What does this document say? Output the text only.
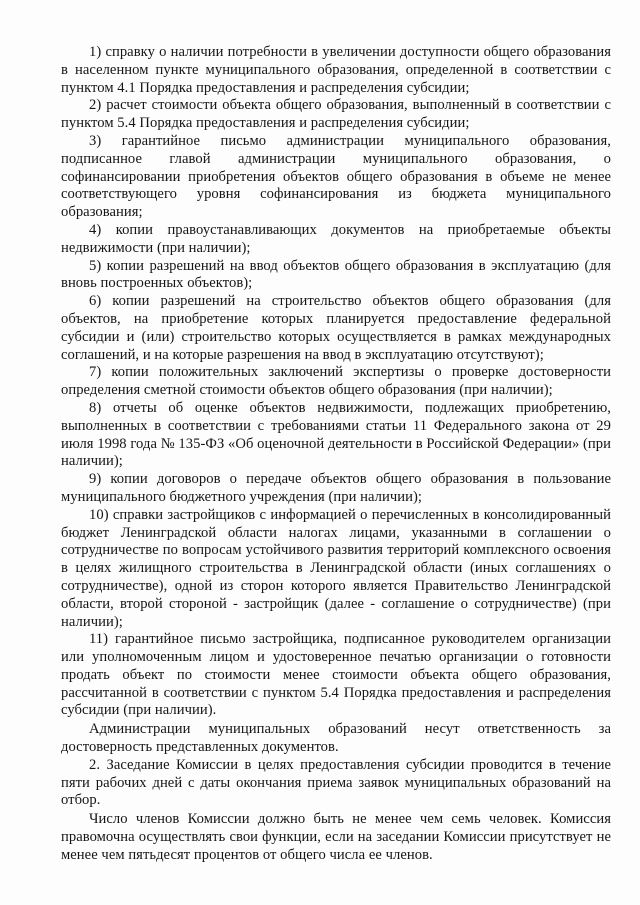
1) справку о наличии потребности в увеличении доступности общего образования в населенном пункте муниципального образования, определенной в соответствии с пунктом 4.1 Порядка предоставления и распределения субсидии;

2) расчет стоимости объекта общего образования, выполненный в соответствии с пунктом 5.4 Порядка предоставления и распределения субсидии;

3) гарантийное письмо администрации муниципального образования, подписанное главой администрации муниципального образования, о софинансировании приобретения объектов общего образования в объеме не менее соответствующего уровня софинансирования из бюджета муниципального образования;

4) копии правоустанавливающих документов на приобретаемые объекты недвижимости (при наличии);

5) копии разрешений на ввод объектов общего образования в эксплуатацию (для вновь построенных объектов);

6) копии разрешений на строительство объектов общего образования (для объектов, на приобретение которых планируется предоставление федеральной субсидии и (или) строительство которых осуществляется в рамках международных соглашений, и на которые разрешения на ввод в эксплуатацию отсутствуют);

7) копии положительных заключений экспертизы о проверке достоверности определения сметной стоимости объектов общего образования (при наличии);

8) отчеты об оценке объектов недвижимости, подлежащих приобретению, выполненных в соответствии с требованиями статьи 11 Федерального закона от 29 июля 1998 года № 135-ФЗ «Об оценочной деятельности в Российской Федерации» (при наличии);

9) копии договоров о передаче объектов общего образования в пользование муниципального бюджетного учреждения (при наличии);

10) справки застройщиков с информацией о перечисленных в консолидированный бюджет Ленинградской области налогах лицами, указанными в соглашении о сотрудничестве по вопросам устойчивого развития территорий комплексного освоения в целях жилищного строительства в Ленинградской области (иных соглашениях о сотрудничестве), одной из сторон которого является Правительство Ленинградской области, второй стороной - застройщик (далее - соглашение о сотрудничестве) (при наличии);

11) гарантийное письмо застройщика, подписанное руководителем организации или уполномоченным лицом и удостоверенное печатью организации о готовности продать объект по стоимости менее стоимости объекта общего образования, рассчитанной в соответствии с пунктом 5.4 Порядка предоставления и распределения субсидии (при наличии).

Администрации муниципальных образований несут ответственность за достоверность представленных документов.

2. Заседание Комиссии в целях предоставления субсидии проводится в течение пяти рабочих дней с даты окончания приема заявок муниципальных образований на отбор.

Число членов Комиссии должно быть не менее чем семь человек. Комиссия правомочна осуществлять свои функции, если на заседании Комиссии присутствует не менее чем пятьдесят процентов от общего числа ее членов.
